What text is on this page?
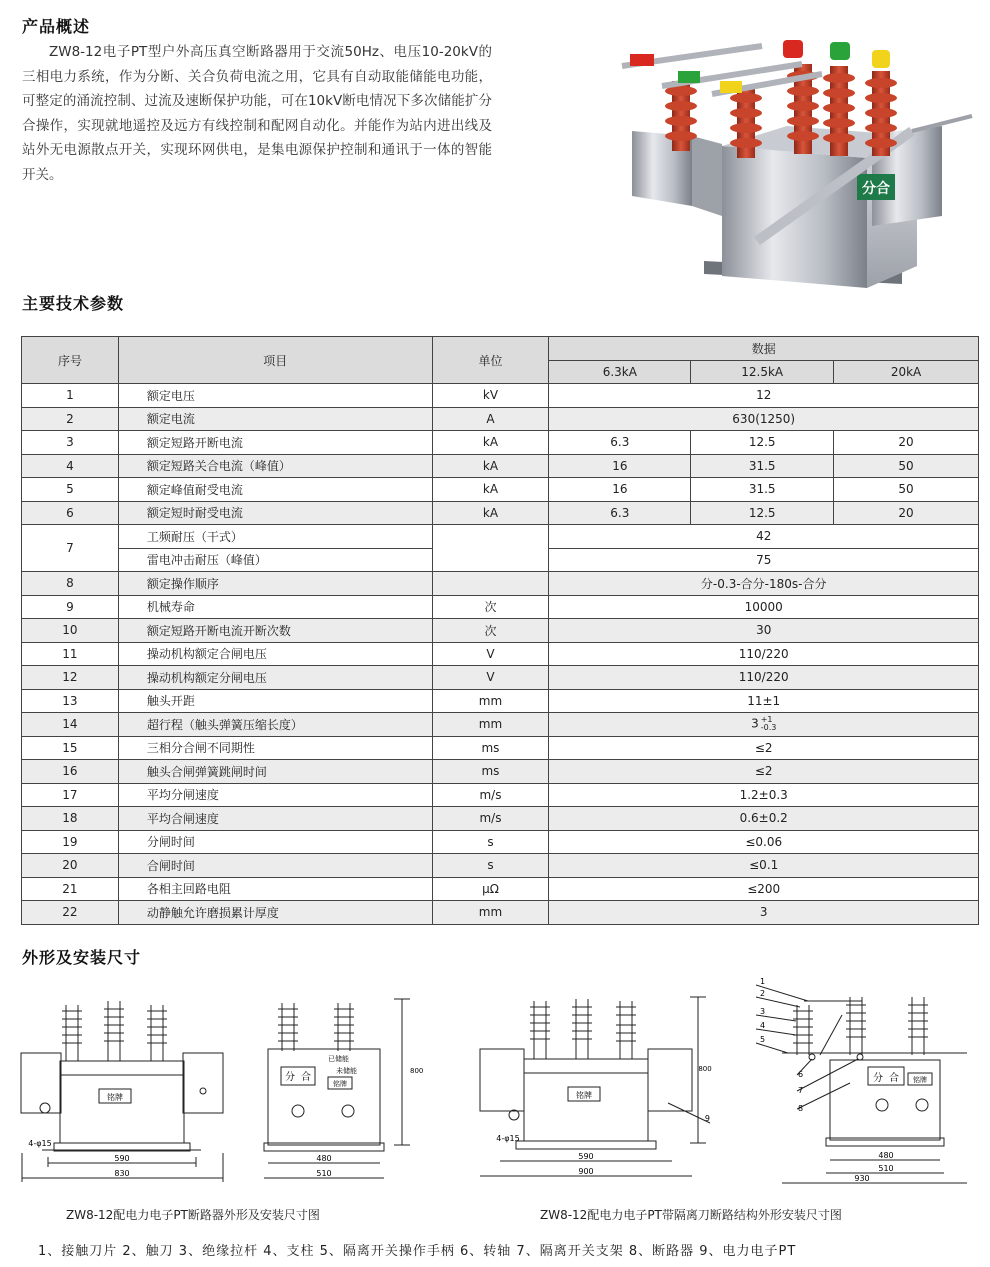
产品概述
ZW8-12电子PT型户外高压真空断路器用于交流50Hz、电压10-20kV的三相电力系统，作为分断、关合负荷电流之用，它具有自动取能储能电功能，可整定的涌流控制、过流及速断保护功能，可在10kV断电情况下多次储能扩分合操作，实现就地遥控及远方有线控制和配网自动化。并能作为站内进出线及站外无电源散点开关，实现环网供电，是集电源保护控制和通讯于一体的智能开关。
分合
主要技术参数
序号	项目	单位	数据		
			6.3kA	12.5kA	20kA
1	额定电压	kV	12		
2	额定电流	A	630(1250)		
3	额定短路开断电流	kA	6.3	12.5	20
4	额定短路关合电流（峰值）	kA	16	31.5	50
5	额定峰值耐受电流	kA	16	31.5	50
6	额定短时耐受电流	kA	6.3	12.5	20
7	工频耐压（干式）		42		
	雷电冲击耐压（峰值）		75		
8	额定操作顺序		分-0.3-合分-180s-合分		
9	机械寿命	次	10000		
10	额定短路开断电流开断次数	次	30		
11	操动机构额定合闸电压	V	110/220		
12	操动机构额定分闸电压	V	110/220		
13	触头开距	mm	11±1		
14	超行程（触头弹簧压缩长度）	mm	3 +1
-0.3		
15	三相分合闸不同期性	ms	≤2		
16	触头合闸弹簧跳闸时间	ms	≤2		
17	平均分闸速度	m/s	1.2±0.3		
18	平均合闸速度	m/s	0.6±0.2		
19	分闸时间	s	≤0.06		
20	合闸时间	s	≤0.1		
21	各相主回路电阻	μΩ	≤200		
22	动静触允许磨损累计厚度	mm	3		
外形及安装尺寸
铭牌
4-φ15
590
830
分 合
已储能
未储能
铭牌
800
480
510
铭牌
4-φ15
800
9
590
900
1
2
3
4
5
6
7
8
分 合 铭牌
480
510
930
ZW8-12配电力电子PT断路器外形及安装尺寸图	ZW8-12配电力电子PT带隔离刀断路结构外形安装尺寸图
1、接触刀片 2、触刀 3、绝缘拉杆 4、支柱 5、隔离开关操作手柄 6、转轴 7、隔离开关支架 8、断路器 9、电力电子PT
